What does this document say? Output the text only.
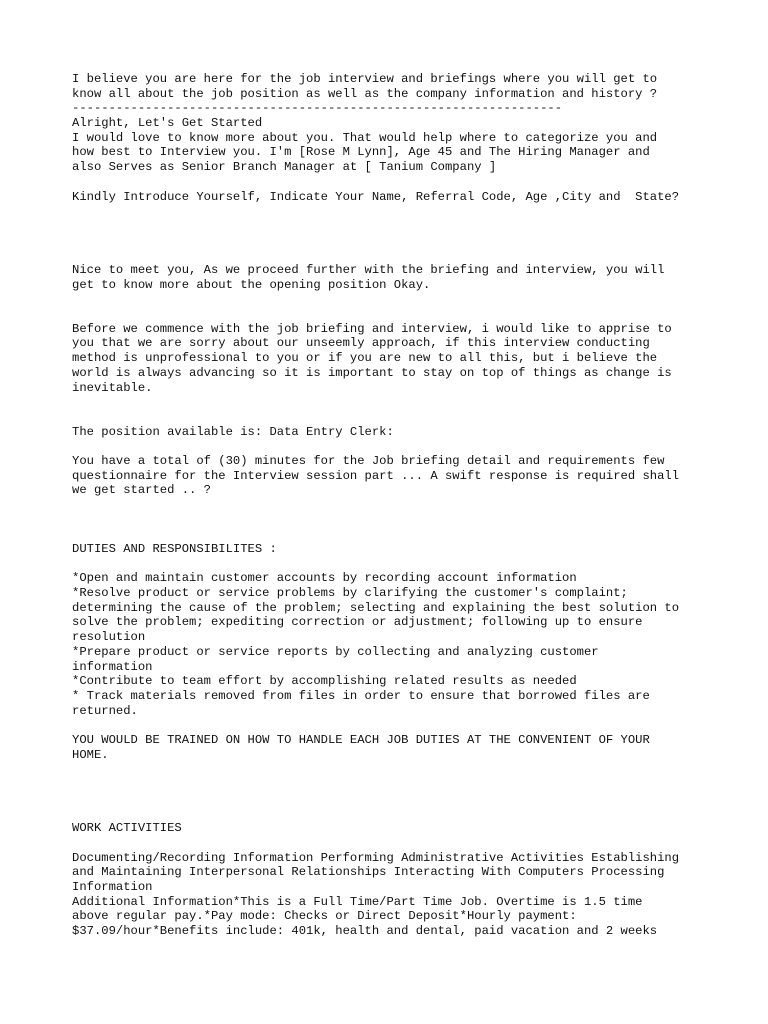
I believe you are here for the job interview and briefings where you will get to
know all about the job position as well as the company information and history ?
-------------------------------------------------------------------
Alright, Let's Get Started
I would love to know more about you. That would help where to categorize you and
how best to Interview you. I'm [Rose M Lynn], Age 45 and The Hiring Manager and
also Serves as Senior Branch Manager at [ Tanium Company ]
Kindly Introduce Yourself, Indicate Your Name, Referral Code, Age ,City and  State?
Nice to meet you, As we proceed further with the briefing and interview, you will
get to know more about the opening position Okay.
Before we commence with the job briefing and interview, i would like to apprise to
you that we are sorry about our unseemly approach, if this interview conducting
method is unprofessional to you or if you are new to all this, but i believe the
world is always advancing so it is important to stay on top of things as change is
inevitable.
The position available is: Data Entry Clerk:
You have a total of (30) minutes for the Job briefing detail and requirements few
questionnaire for the Interview session part ... A swift response is required shall
we get started .. ?
DUTIES AND RESPONSIBILITES :
*Open and maintain customer accounts by recording account information
*Resolve product or service problems by clarifying the customer's complaint;
determining the cause of the problem; selecting and explaining the best solution to
solve the problem; expediting correction or adjustment; following up to ensure
resolution
*Prepare product or service reports by collecting and analyzing customer
information
*Contribute to team effort by accomplishing related results as needed
* Track materials removed from files in order to ensure that borrowed files are
returned.
YOU WOULD BE TRAINED ON HOW TO HANDLE EACH JOB DUTIES AT THE CONVENIENT OF YOUR
HOME.
WORK ACTIVITIES
Documenting/Recording Information Performing Administrative Activities Establishing
and Maintaining Interpersonal Relationships Interacting With Computers Processing
Information
Additional Information*This is a Full Time/Part Time Job. Overtime is 1.5 time
above regular pay.*Pay mode: Checks or Direct Deposit*Hourly payment:
$37.09/hour*Benefits include: 401k, health and dental, paid vacation and 2 weeks
